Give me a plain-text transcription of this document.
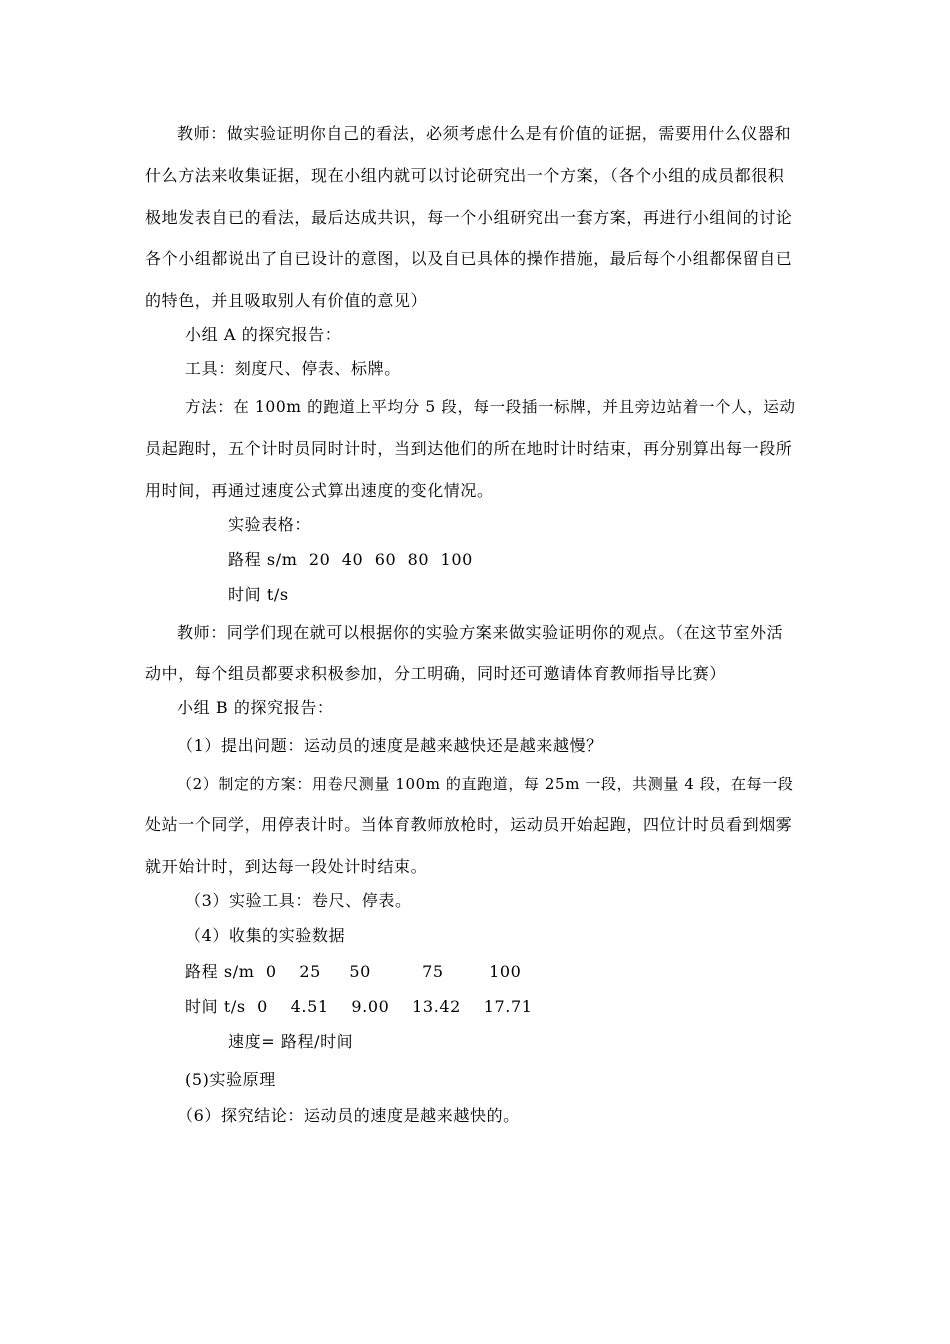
教师：做实验证明你自己的看法，必须考虑什么是有价值的证据，需要用什么仪器和
什么方法来收集证据，现在小组内就可以讨论研究出一个方案，（各个小组的成员都很积
极地发表自已的看法，最后达成共识，每一个小组研究出一套方案，再进行小组间的讨论
各个小组都说出了自已设计的意图，以及自已具体的操作措施，最后每个小组都保留自已
的特色，并且吸取别人有价值的意见）
小组 A 的探究报告：
工具：刻度尺、停表、标牌。
方法：在 100m 的跑道上平均分 5 段，每一段插一标牌，并且旁边站着一个人，运动
员起跑时，五个计时员同时计时，当到达他们的所在地时计时结束，再分别算出每一段所
用时间，再通过速度公式算出速度的变化情况。
实验表格：
路程 s/m  20  40  60  80  100
时间 t/s
教师：同学们现在就可以根据你的实验方案来做实验证明你的观点。（在这节室外活
动中，每个组员都要求积极参加，分工明确，同时还可邀请体育教师指导比赛）
小组 B 的探究报告：
（1）提出问题：运动员的速度是越来越快还是越来越慢？
（2）制定的方案：用卷尺测量 100m 的直跑道，每 25m 一段，共测量 4 段，在每一段
处站一个同学，用停表计时。当体育教师放枪时，运动员开始起跑，四位计时员看到烟雾
就开始计时，到达每一段处计时结束。
（3）实验工具：卷尺、停表。
（4）收集的实验数据
路程 s/m  0    25     50         75        100
时间 t/s  0    4.51    9.00    13.42    17.71
速度= 路程/时间
(5)实验原理
（6）探究结论：运动员的速度是越来越快的。
